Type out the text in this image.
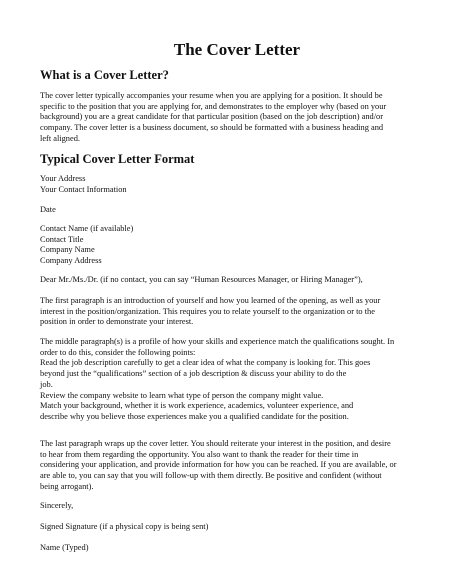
The Cover Letter
What is a Cover Letter?

The cover letter typically accompanies your resume when you are applying for a position. It should be
specific to the position that you are applying for, and demonstrates to the employer why (based on your
background) you are a great candidate for that particular position (based on the job description) and/or
company. The cover letter is a business document, so should be formatted with a business heading and
left aligned.

Typical Cover Letter Format

Your Address
Your Contact Information

Date

Contact Name (if available)
Contact Title
Company Name
Company Address

Dear Mr./Ms./Dr. (if no contact, you can say “Human Resources Manager, or Hiring Manager”),

The first paragraph is an introduction of yourself and how you learned of the opening, as well as your
interest in the position/organization. This requires you to relate yourself to the organization or to the
position in order to demonstrate your interest.

The middle paragraph(s) is a profile of how your skills and experience match the qualifications sought. In
order to do this, consider the following points:
Read the job description carefully to get a clear idea of what the company is looking for. This goes
beyond just the “qualifications” section of a job description & discuss your ability to do the
job.
Review the company website to learn what type of person the company might value.
Match your background, whether it is work experience, academics, volunteer experience, and
describe why you believe those experiences make you a qualified candidate for the position.

The last paragraph wraps up the cover letter. You should reiterate your interest in the position, and desire
to hear from them regarding the opportunity. You also want to thank the reader for their time in
considering your application, and provide information for how you can be reached. If you are available, or
are able to, you can say that you will follow-up with them directly. Be positive and confident (without
being arrogant).

Sincerely,

Signed Signature (if a physical copy is being sent)

Name (Typed)
